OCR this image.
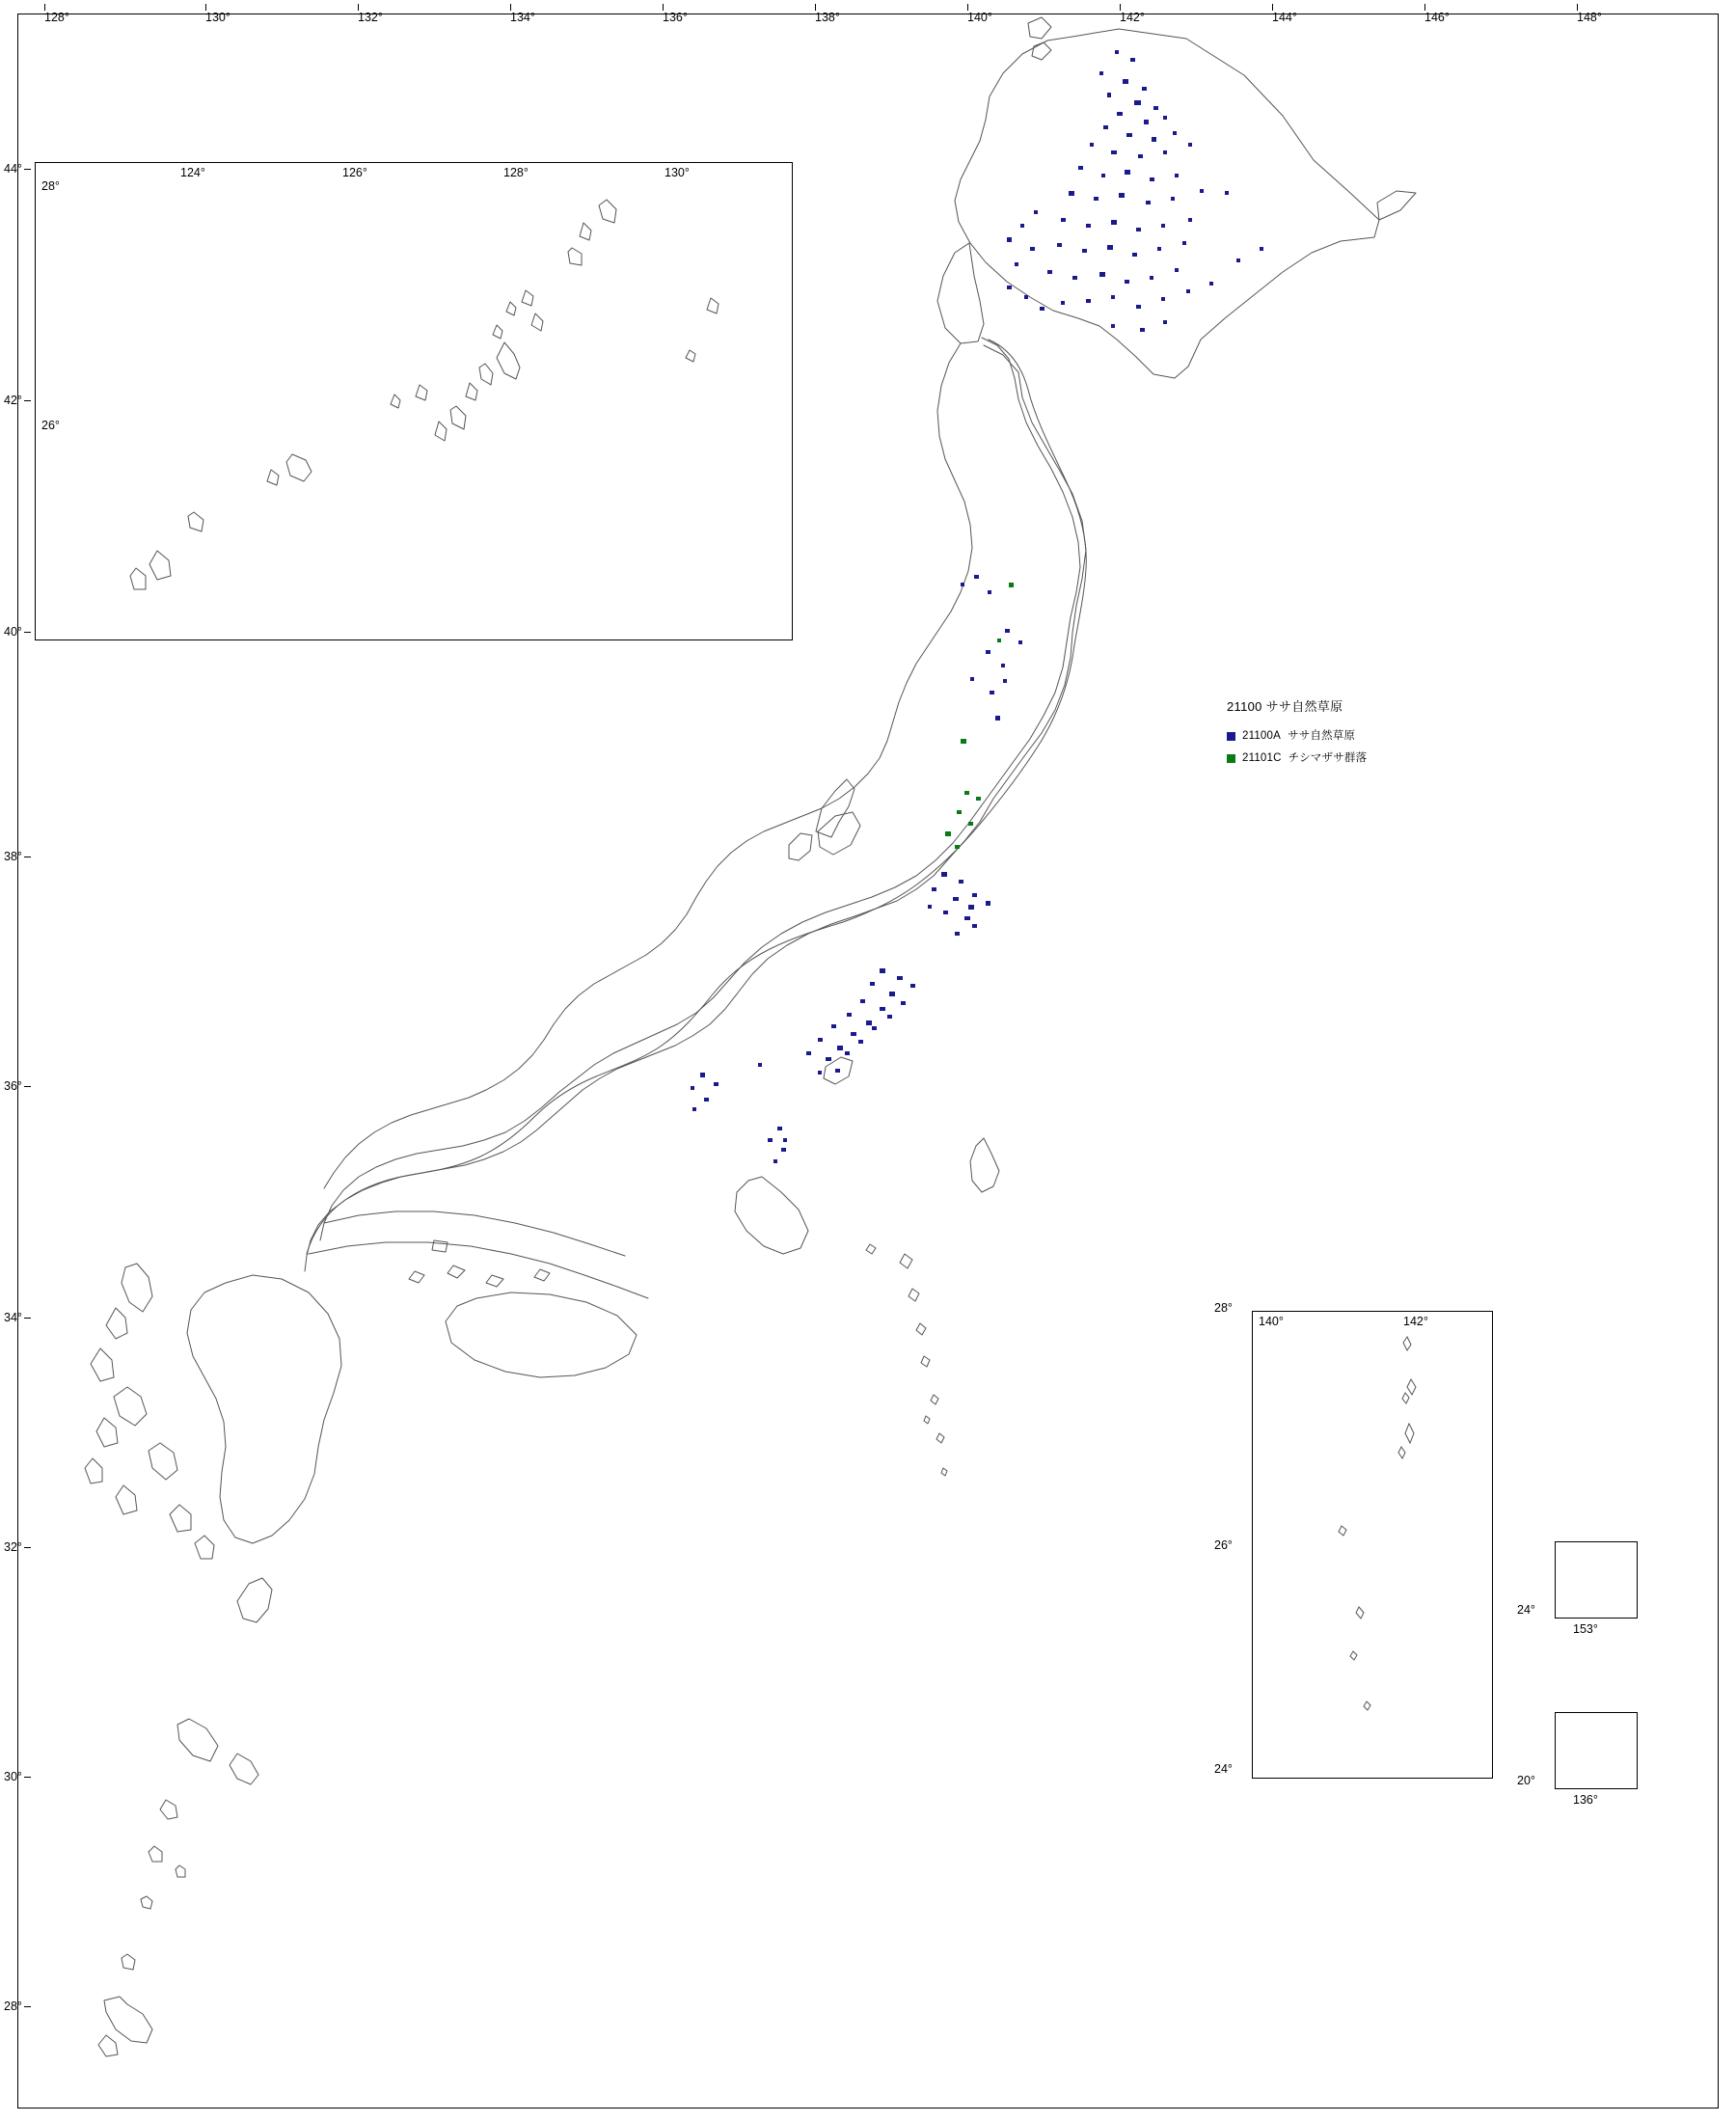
128°	130°	132°	134°	136°	138°	140°	142°	144°	146°	148°
44°
42°
40°
38°
36°
34°
32°
30°
28°
124°	126°	128°	130°
28°
26°
140°	142°
28°
26°
24°
24°
153°
20°
136°
21100 ササ自然草原
21100A ササ自然草原
21101C チシマザサ群落
